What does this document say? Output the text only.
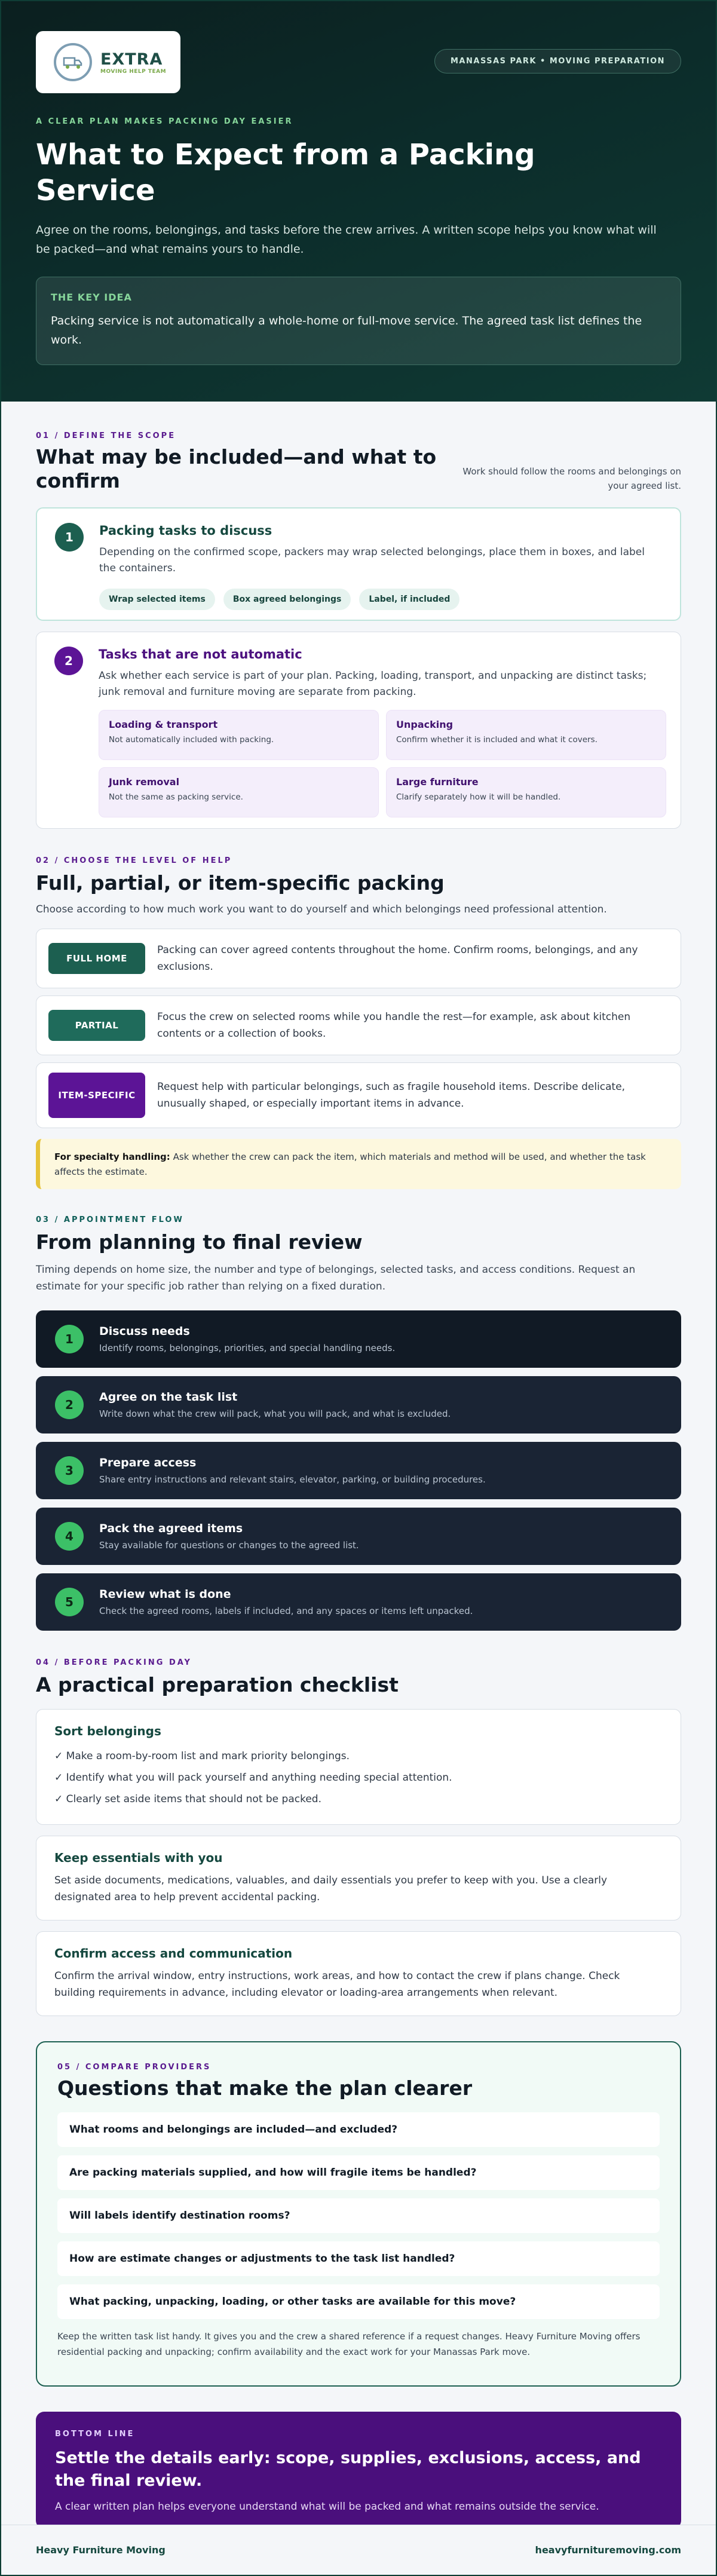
EXTRA
MOVING HELP TEAM
MANASSAS PARK • MOVING PREPARATION
A CLEAR PLAN MAKES PACKING DAY EASIER
What to Expect from a Packing Service

Agree on the rooms, belongings, and tasks before the crew arrives. A written scope helps you know what will be packed—and what remains yours to handle.

THE KEY IDEA
Packing service is not automatically a whole-home or full-move service. The agreed task list defines the work.
01 / DEFINE THE SCOPE
What may be included—and what to confirm	Work should follow the rooms and belongings on your agreed list.

1	Packing tasks to discuss

Depending on the confirmed scope, packers may wrap selected belongings, place them in boxes, and label the containers.

Wrap selected items	Box agreed belongings	Label, if included
2	Tasks that are not automatic

Ask whether each service is part of your plan. Packing, loading, transport, and unpacking are distinct tasks; junk removal and furniture moving are separate from packing.

Loading & transport
Not automatically included with packing.
Unpacking
Confirm whether it is included and what it covers.
Junk removal
Not the same as packing service.
Large furniture
Clarify separately how it will be handled.
02 / CHOOSE THE LEVEL OF HELP
Full, partial, or item-specific packing

Choose according to how much work you want to do yourself and which belongings need professional attention.

FULL HOME

Packing can cover agreed contents throughout the home. Confirm rooms, belongings, and any exclusions.

PARTIAL

Focus the crew on selected rooms while you handle the rest—for example, ask about kitchen contents or a collection of books.

ITEM-SPECIFIC

Request help with particular belongings, such as fragile household items. Describe delicate, unusually shaped, or especially important items in advance.

For specialty handling: Ask whether the crew can pack the item, which materials and method will be used, and whether the task affects the estimate.
03 / APPOINTMENT FLOW
From planning to final review

Timing depends on home size, the number and type of belongings, selected tasks, and access conditions. Request an estimate for your specific job rather than relying on a fixed duration.

1
Discuss needs
Identify rooms, belongings, priorities, and special handling needs.
2
Agree on the task list
Write down what the crew will pack, what you will pack, and what is excluded.
3
Prepare access
Share entry instructions and relevant stairs, elevator, parking, or building procedures.
4
Pack the agreed items
Stay available for questions or changes to the agreed list.
5
Review what is done
Check the agreed rooms, labels if included, and any spaces or items left unpacked.
04 / BEFORE PACKING DAY
A practical preparation checklist
Sort belongings
✓ Make a room-by-room list and mark priority belongings.
✓ Identify what you will pack yourself and anything needing special attention.
✓ Clearly set aside items that should not be packed.
Keep essentials with you

Set aside documents, medications, valuables, and daily essentials you prefer to keep with you. Use a clearly designated area to help prevent accidental packing.

Confirm access and communication

Confirm the arrival window, entry instructions, work areas, and how to contact the crew if plans change. Check building requirements in advance, including elevator or loading-area arrangements when relevant.

05 / COMPARE PROVIDERS
Questions that make the plan clearer
What rooms and belongings are included—and excluded?
Are packing materials supplied, and how will fragile items be handled?
Will labels identify destination rooms?
How are estimate changes or adjustments to the task list handled?
What packing, unpacking, loading, or other tasks are available for this move?

Keep the written task list handy. It gives you and the crew a shared reference if a request changes. Heavy Furniture Moving offers residential packing and unpacking; confirm availability and the exact work for your Manassas Park move.

BOTTOM LINE
Settle the details early: scope, supplies, exclusions, access, and the final review.

A clear written plan helps everyone understand what will be packed and what remains outside the service.

Heavy Furniture Moving	heavyfurnituremoving.com
